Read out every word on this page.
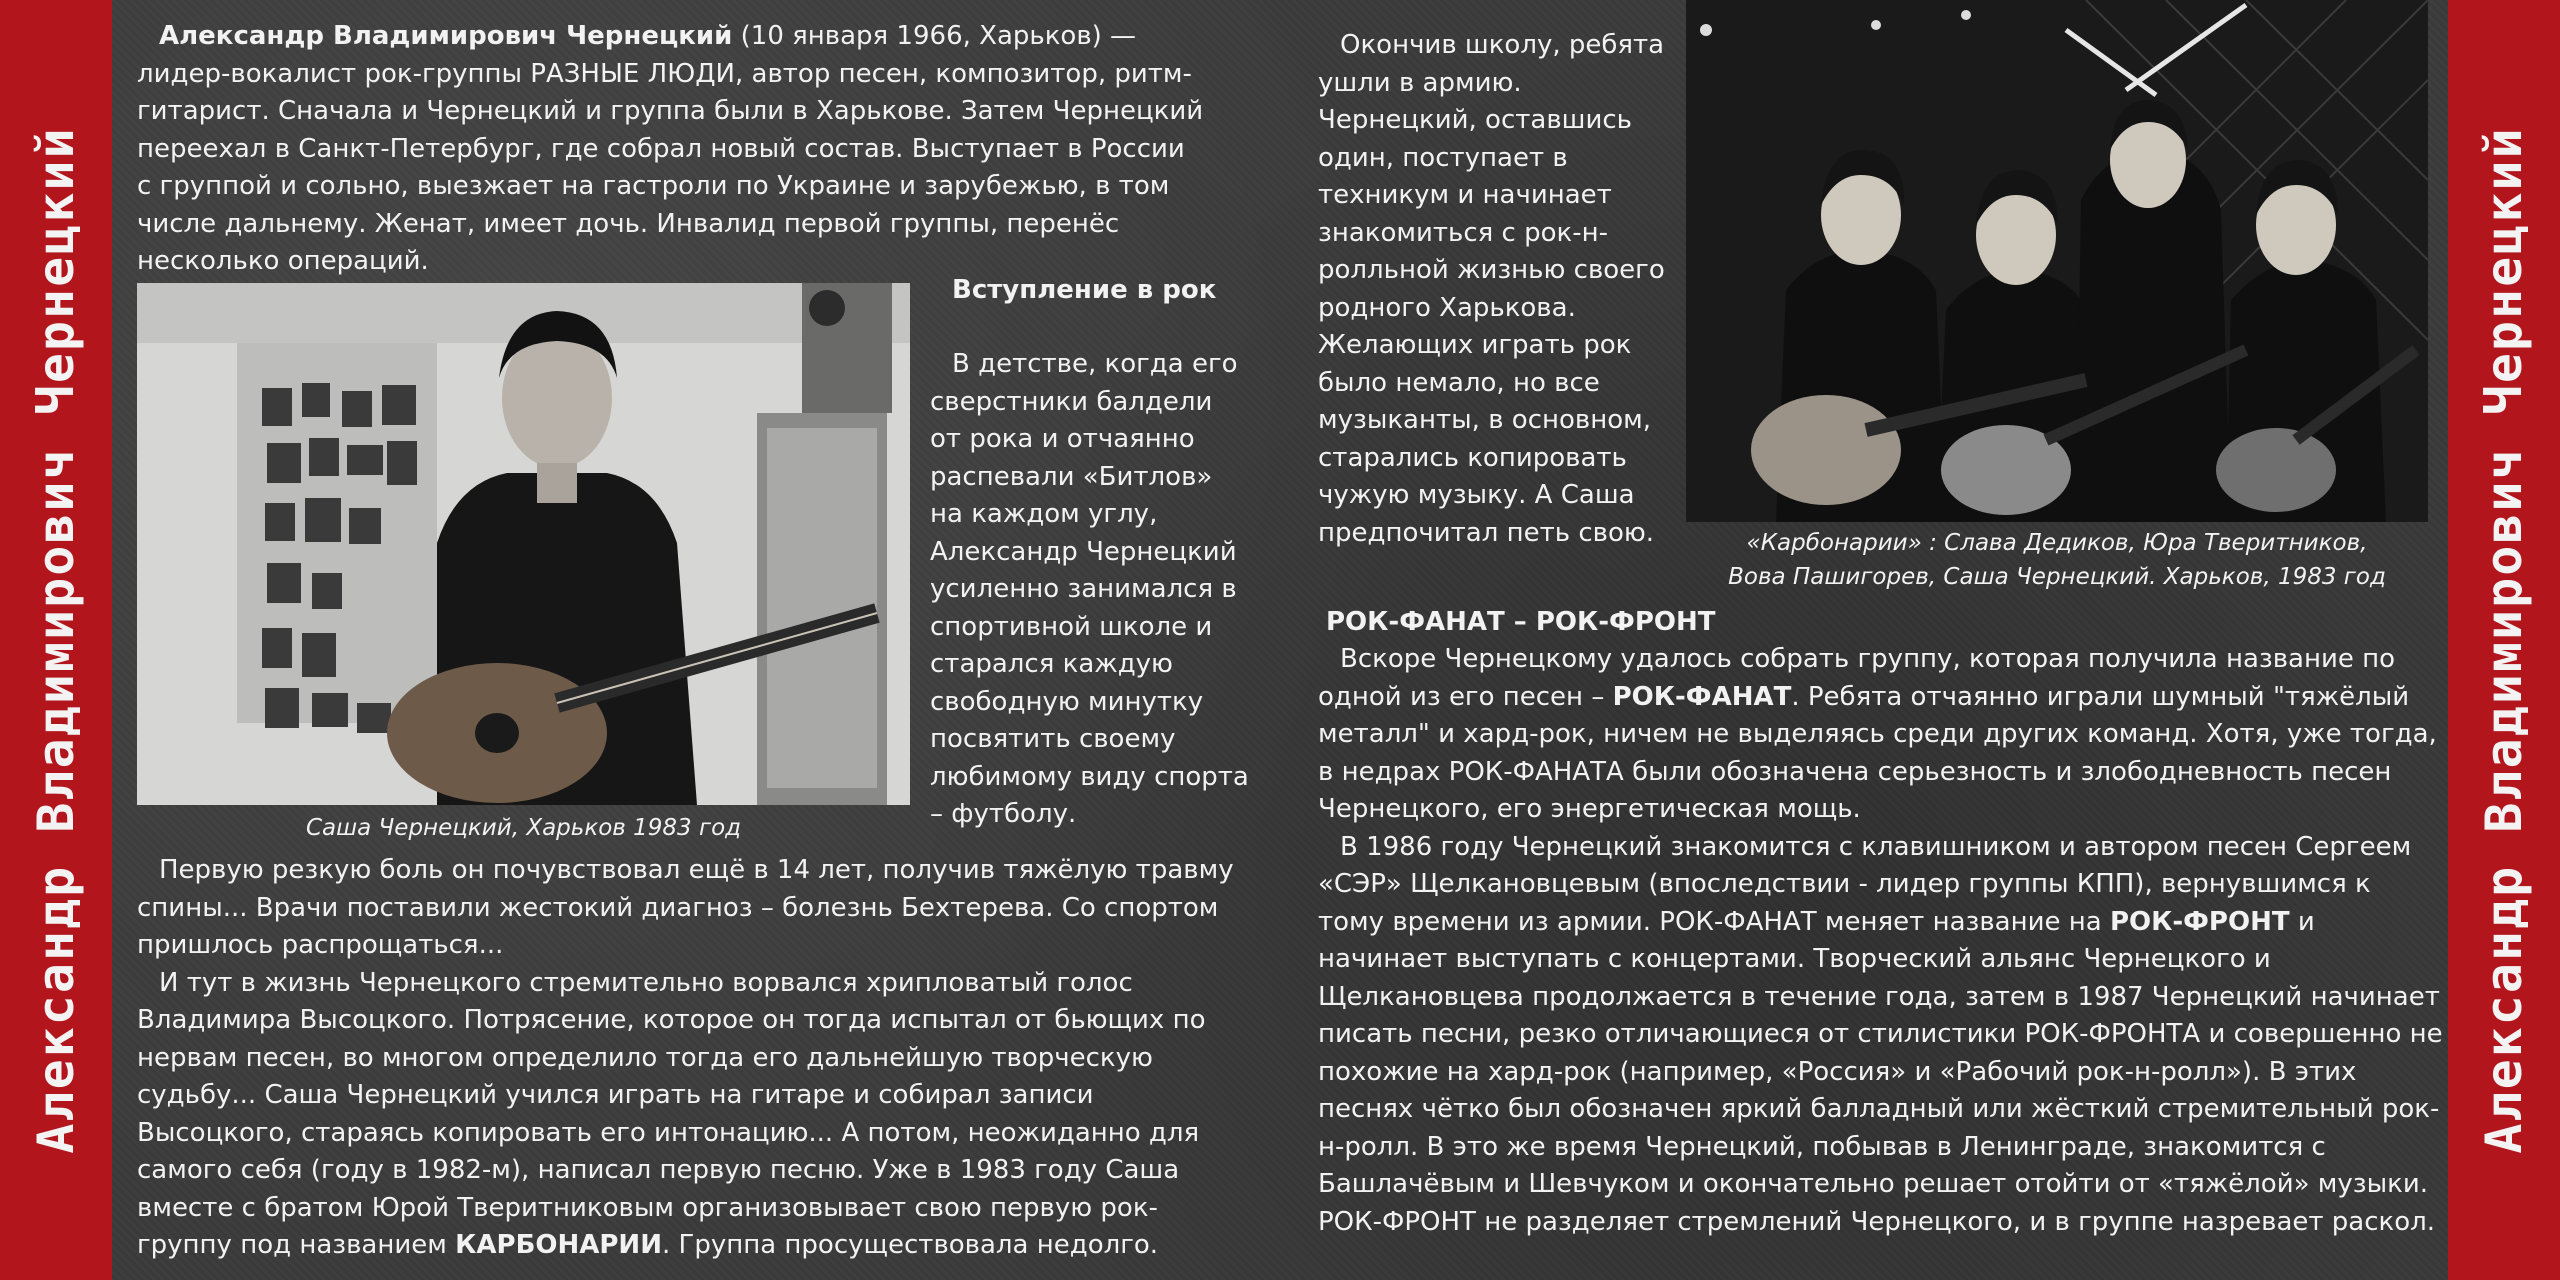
Александр Владимирович Чернецкий	Александр Владимирович Чернецкий

Александр Владимирович Чернецкий (10 января 1966, Харьков) — лидер-вокалист рок-группы РАЗНЫЕ ЛЮДИ, автор песен, композитор, ритм-гитарист. Сначала и Чернецкий и группа были в Харькове. Затем Чернецкий переехал в Санкт-Петербург, где собрал новый состав. Выступает в России с группой и сольно, выезжает на гастроли по Украине и зарубежью, в том числе дальнему. Женат, имеет дочь. Инвалид первой группы, перенёс несколько операций.

Саша Чернецкий, Харьков 1983 год
Вступление в рок

В детстве, когда его сверстники балдели от рока и отчаянно распевали «Битлов» на каждом углу, Александр Чернецкий усиленно занимался в спортивной школе и старался каждую свободную минутку посвятить своему любимому виду спорта – футболу.

Первую резкую боль он почувствовал ещё в 14 лет, получив тяжёлую травму спины... Врачи поставили жестокий диагноз – болезнь Бехтерева. Со спортом пришлось распрощаться...

И тут в жизнь Чернецкого стремительно ворвался хрипловатый голос Владимира Высоцкого. Потрясение, которое он тогда испытал от бьющих по нервам песен, во многом определило тогда его дальнейшую творческую судьбу... Саша Чернецкий учился играть на гитаре и собирал записи Высоцкого, стараясь копировать его интонацию... А потом, неожиданно для самого себя (году в 1982-м), написал первую песню. Уже в 1983 году Саша вместе с братом Юрой Тверитниковым организовывает свою первую рок-группу под названием КАРБОНАРИИ. Группа просуществовала недолго.

Окончив школу, ребята ушли в армию. Чернецкий, оставшись один, поступает в техникум и начинает знакомиться с рок-н-ролльной жизнью своего родного Харькова. Желающих играть рок было немало, но все музыканты, в основном, старались копировать чужую музыку. А Саша предпочитал петь свою.	«Карбонарии» : Слава Дедиков, Юра Тверитников,
Вова Пашигорев, Саша Чернецкий. Харьков, 1983 год
РОК-ФАНАТ – РОК-ФРОНТ

Вскоре Чернецкому удалось собрать группу, которая получила название по одной из его песен – РОК-ФАНАТ. Ребята отчаянно играли шумный "тяжёлый металл" и хард-рок, ничем не выделяясь среди других команд. Хотя, уже тогда, в недрах РОК-ФАНАТА были обозначена серьезность и злободневность песен Чернецкого, его энергетическая мощь.

В 1986 году Чернецкий знакомится с клавишником и автором песен Сергеем «СЭР» Щелкановцевым (впоследствии - лидер группы КПП), вернувшимся к тому времени из армии. РОК-ФАНАТ меняет название на РОК-ФРОНТ и начинает выступать с концертами. Творческий альянс Чернецкого и Щелкановцева продолжается в течение года, затем в 1987 Чернецкий начинает писать песни, резко отличающиеся от стилистики РОК-ФРОНТА и совершенно не похожие на хард-рок (например, «Россия» и «Рабочий рок-н-ролл»). В этих песнях чётко был обозначен яркий балладный или жёсткий стремительный рок-н-ролл. В это же время Чернецкий, побывав в Ленинграде, знакомится с Башлачёвым и Шевчуком и окончательно решает отойти от «тяжёлой» музыки. РОК-ФРОНТ не разделяет стремлений Чернецкого, и в группе назревает раскол.
